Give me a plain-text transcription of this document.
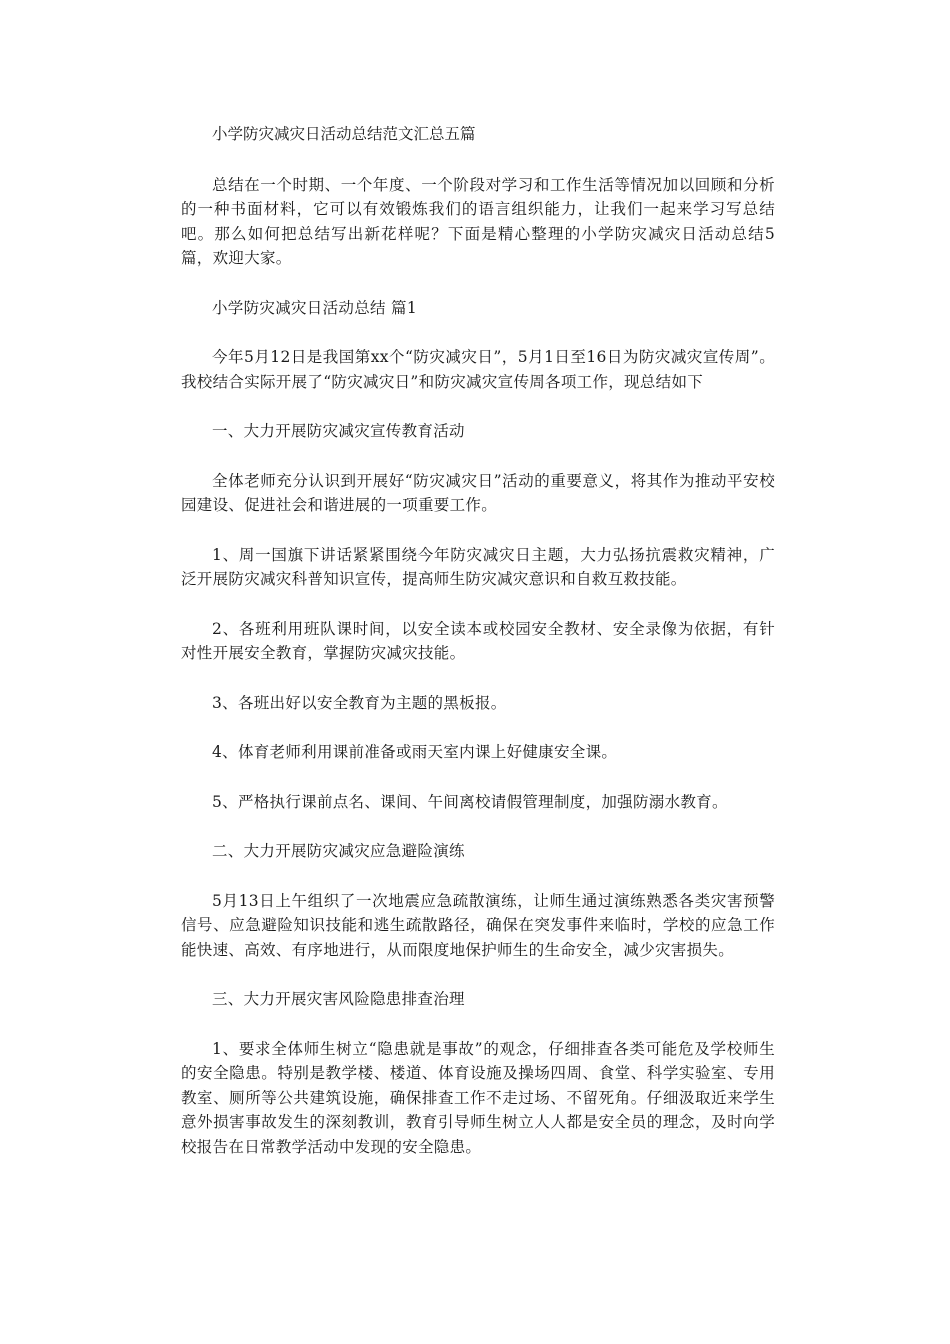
小学防灾减灾日活动总结范文汇总五篇

总结在一个时期、一个年度、一个阶段对学习和工作生活等情况加以回顾和分析的一种书面材料，它可以有效锻炼我们的语言组织能力，让我们一起来学习写总结吧。那么如何把总结写出新花样呢？下面是精心整理的小学防灾减灾日活动总结5篇，欢迎大家。

小学防灾减灾日活动总结 篇1

今年5月12日是我国第xx个“防灾减灾日”，5月1日至16日为防灾减灾宣传周”。我校结合实际开展了“防灾减灾日”和防灾减灾宣传周各项工作，现总结如下

一、大力开展防灾减灾宣传教育活动

全体老师充分认识到开展好“防灾减灾日”活动的重要意义，将其作为推动平安校园建设、促进社会和谐进展的一项重要工作。

1、周一国旗下讲话紧紧围绕今年防灾减灾日主题，大力弘扬抗震救灾精神，广泛开展防灾减灾科普知识宣传，提高师生防灾减灾意识和自救互救技能。

2、各班利用班队课时间，以安全读本或校园安全教材、安全录像为依据，有针对性开展安全教育，掌握防灾减灾技能。

3、各班出好以安全教育为主题的黑板报。

4、体育老师利用课前准备或雨天室内课上好健康安全课。

5、严格执行课前点名、课间、午间离校请假管理制度，加强防溺水教育。

二、大力开展防灾减灾应急避险演练

5月13日上午组织了一次地震应急疏散演练，让师生通过演练熟悉各类灾害预警信号、应急避险知识技能和逃生疏散路径，确保在突发事件来临时，学校的应急工作能快速、高效、有序地进行，从而限度地保护师生的生命安全，减少灾害损失。

三、大力开展灾害风险隐患排查治理

1、要求全体师生树立“隐患就是事故”的观念，仔细排查各类可能危及学校师生的安全隐患。特别是教学楼、楼道、体育设施及操场四周、食堂、科学实验室、专用教室、厕所等公共建筑设施，确保排查工作不走过场、不留死角。仔细汲取近来学生意外损害事故发生的深刻教训，教育引导师生树立人人都是安全员的理念，及时向学校报告在日常教学活动中发现的安全隐患。
